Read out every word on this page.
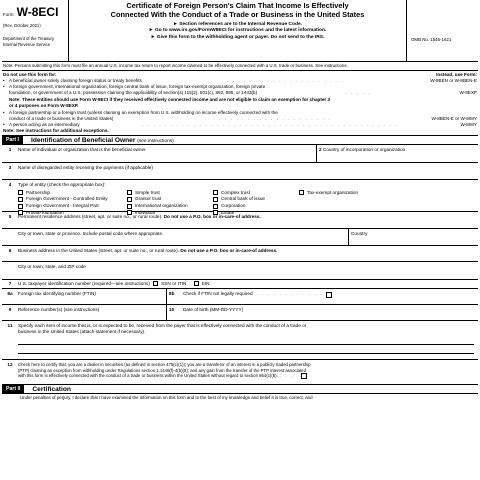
Form W-8ECI
(Rev. October 2021)
Department of the Treasury
Internal Revenue Service
Certificate of Foreign Person's Claim That Income Is Effectively
Connected With the Conduct of a Trade or Business in the United States
► Section references are to the Internal Revenue Code.
► Go to www.irs.gov/FormW8ECI for instructions and the latest information.
► Give this form to the withholding agent or payer. Do not send to the IRS.	OMB No. 1545-1621
Note: Persons submitting this form must file an annual U.S. income tax return to report income claimed to be effectively connected with a U.S. trade or business. See instructions.
Do not use this form for:	Instead, use Form:
• A beneficial owner solely claiming foreign status or treaty benefits	. . . . . . . . . . . . . . . . . . . . .	W-8BEN or W-8BEN-E
• A foreign government, international organization, foreign central bank of issue, foreign tax-exempt organization, foreign private
foundation, or government of a U.S. possession claiming the applicability of section(s) 115(2), 501(c), 892, 895, or 1443(b)	. . . . .	W-8EXP
Note: These entities should use Form W-8ECI if they received effectively connected income and are not eligible to claim an exemption for chapter 3
or 4 purposes on Form W-8EXP.
• A foreign partnership or a foreign trust (unless claiming an exemption from U.S. withholding on income effectively connected with the
conduct of a trade or business in the United States)	. . . . . . . . . . . . . . . . . . . . .	W-8BEN-E or W-8IMY
• A person acting as an intermediary	. . . . . . . . . . . . . . . . . . . . . . . . . . . . . . . . . . . . . . . . . . . . .	W-8IMY
Note: See instructions for additional exceptions.
Part I	Identification of Beneficial Owner (see instructions)
1	Name of individual or organization that is the beneficial owner	2 Country of incorporation or organization
3	Name of disregarded entity receiving the payments (if applicable)
4	Type of entity (check the appropriate box):
Partnership	Simple trust	Complex trust	Tax-exempt organization
Foreign Government - Controlled Entity	Grantor trust	Central bank of issue
Foreign Government - Integral Part	International organization	Corporation
Private foundation	Individual	Estate
5	Permanent residence address (street, apt. or suite no., or rural route). Do not use a P.O. box or in-care-of address.
City or town, state or province. Include postal code where appropriate.	Country
6	Business address in the United States (street, apt. or suite no., or rural route). Do not use a P.O. box or in-care-of address.
City or town, state, and ZIP code
7	U.S. taxpayer identification number (required—see instructions) SSN or ITIN	EIN
8a	Foreign tax identifying number (FTIN)	8b	Check if FTIN not legally required . . . . . . . . . . . .
9	Reference number(s) (see instructions)	10	Date of birth (MM-DD-YYYY)
11	Specify each item of income that is, or is expected to be, received from the payer that is effectively connected with the conduct of a trade or
business in the United States (attach statement if necessary).
12	Check here to certify that: you are a dealer in securities (as defined in section 475(c)(1)); you are a transferor of an interest in a publicly traded partnership
(PTP) claiming an exception from withholding under Regulations section 1.1446(f)-4(b)(8); and any gain from the transfer of the PTP interest associated
with this form is effectively connected with the conduct of a trade or business within the United States without regard to section 864(c)(8). . . . .
Part II	Certification
Under penalties of perjury, I declare that I have examined the information on this form and to the best of my knowledge and belief it is true, correct, and
